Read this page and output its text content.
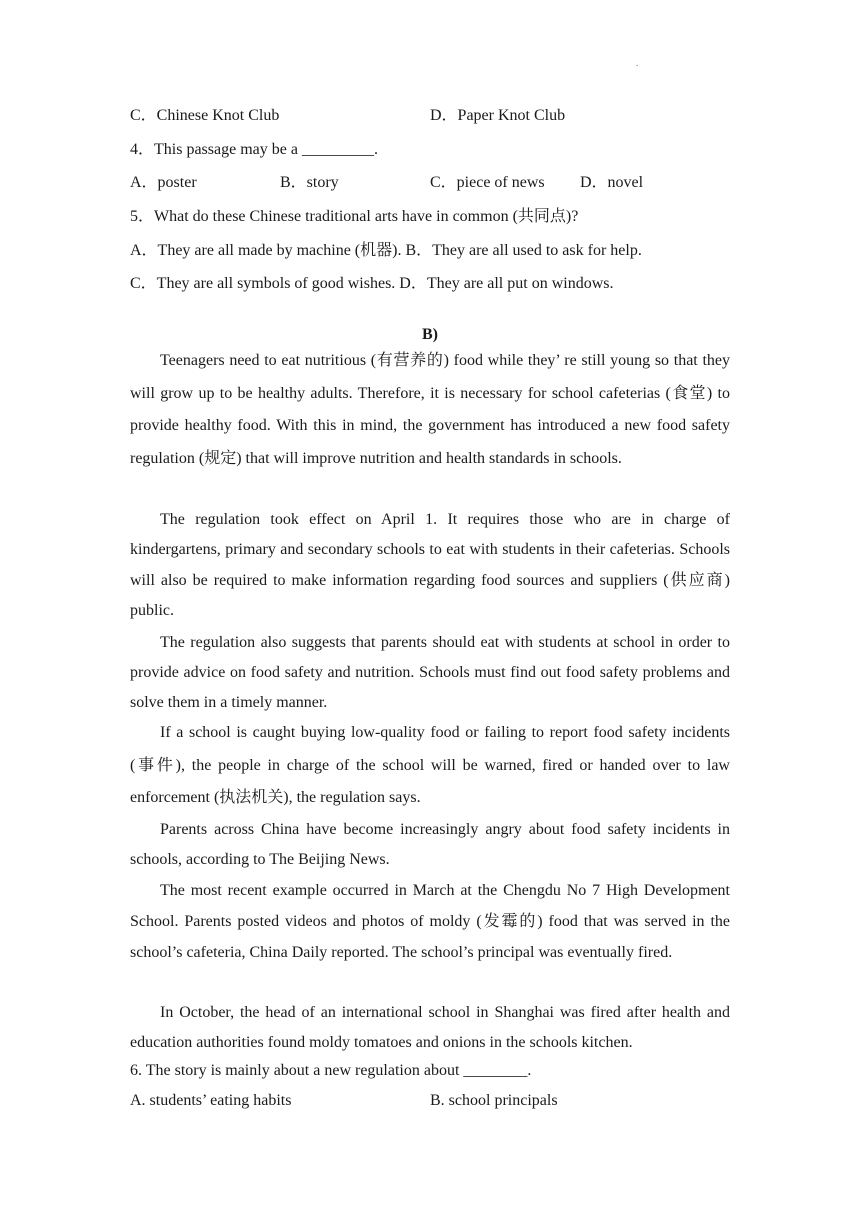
.
C．Chinese Knot Club	D．Paper Knot Club
4．This passage may be a _________.
A．poster	B．story	C．piece of news D．novel
5．What do these Chinese traditional arts have in common (共同点)?
A．They are all made by machine (机器). B．They are all used to ask for help.
C．They are all symbols of good wishes. D．They are all put on windows.
B)

Teenagers need to eat nutritious (有营养的) food while they’ re still young so that they will grow up to be healthy adults. Therefore, it is necessary for school cafeterias (食堂) to provide healthy food. With this in mind, the government has introduced a new food safety regulation (规定) that will improve nutrition and health standards in schools.

The regulation took effect on April 1. It requires those who are in charge of kindergartens, primary and secondary schools to eat with students in their cafeterias. Schools will also be required to make information regarding food sources and suppliers (供应商) public.

The regulation also suggests that parents should eat with students at school in order to provide advice on food safety and nutrition. Schools must find out food safety problems and solve them in a timely manner.

If a school is caught buying low-quality food or failing to report food safety incidents (事件), the people in charge of the school will be warned, fired or handed over to law enforcement (执法机关), the regulation says.

Parents across China have become increasingly angry about food safety incidents in schools, according to The Beijing News.

The most recent example occurred in March at the Chengdu No 7 High Development School. Parents posted videos and photos of moldy (发霉的) food that was served in the school’s cafeteria, China Daily reported. The school’s principal was eventually fired.

In October, the head of an international school in Shanghai was fired after health and education authorities found moldy tomatoes and onions in the schools kitchen.

6. The story is mainly about a new regulation about ________.
A. students’ eating habits	B. school principals
